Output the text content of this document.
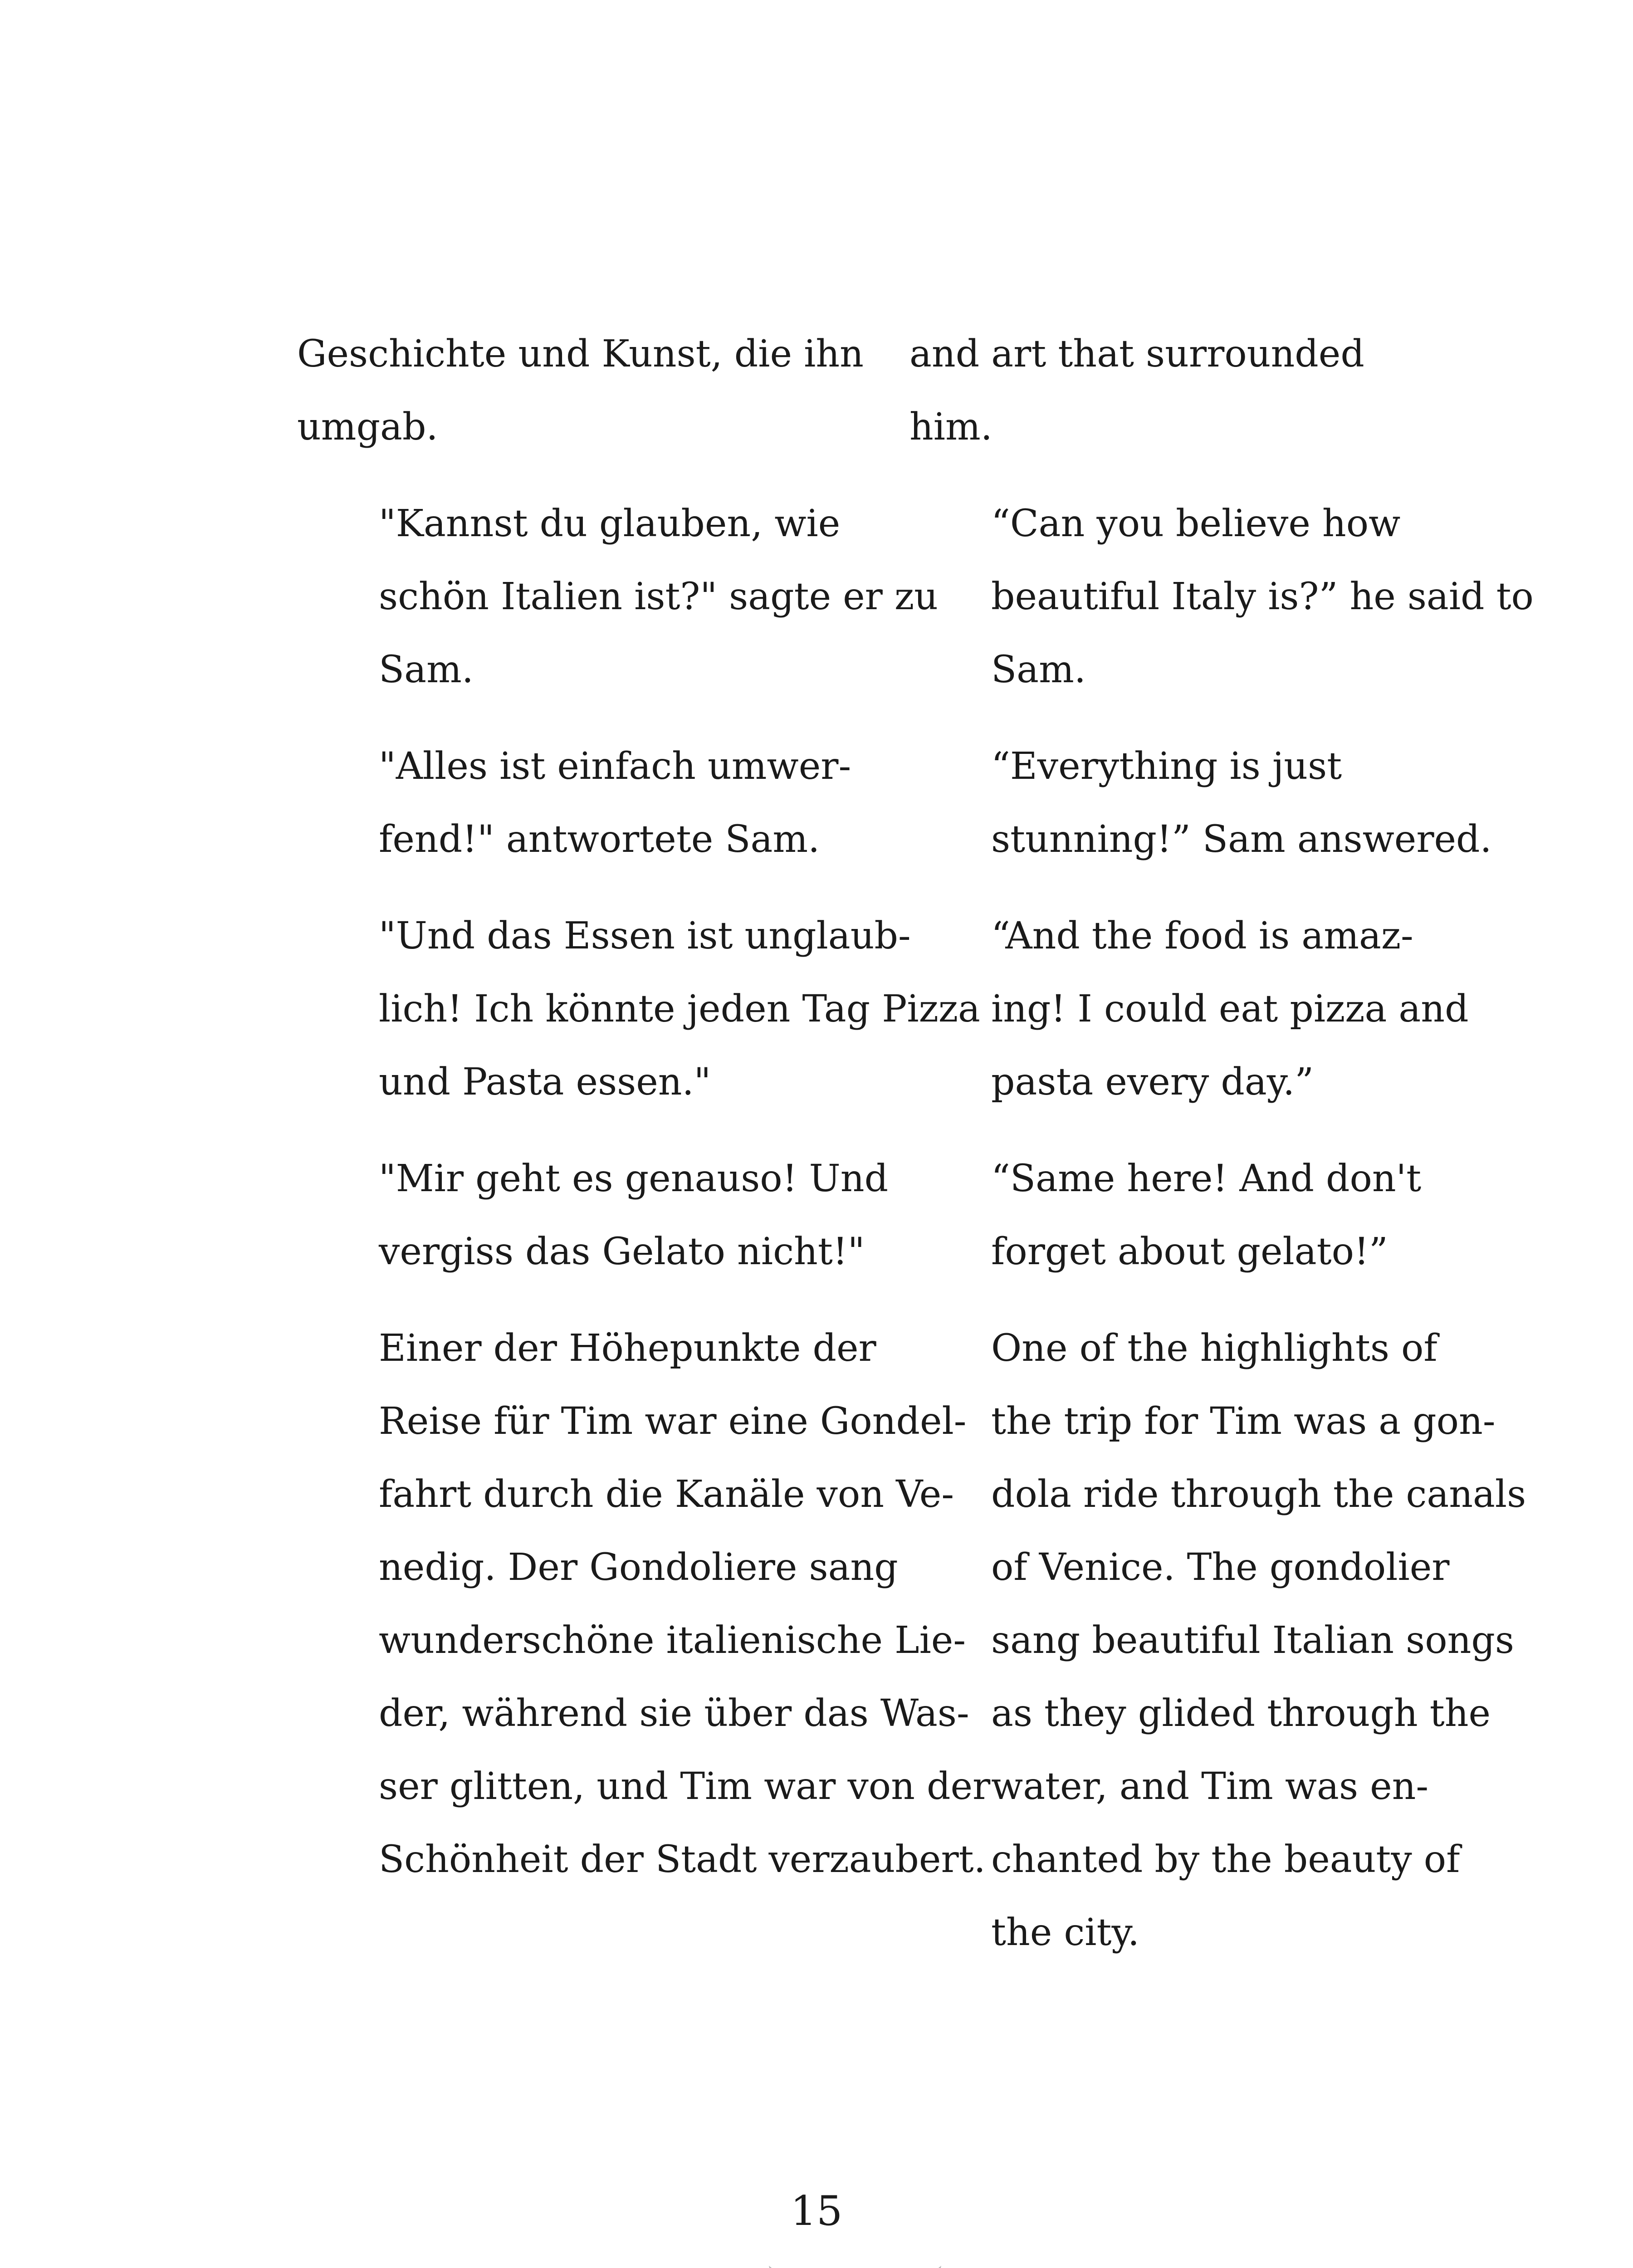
Geschichte und Kunst, die ihn
umgab.

"Kannst du glauben, wie
schön Italien ist?" sagte er zu
Sam.

"Alles ist einfach umwer-
fend!" antwortete Sam.

"Und das Essen ist unglaub-
lich! Ich könnte jeden Tag Pizza
und Pasta essen."

"Mir geht es genauso! Und
vergiss das Gelato nicht!"

Einer der Höhepunkte der
Reise für Tim war eine Gondel-
fahrt durch die Kanäle von Ve-
nedig. Der Gondoliere sang
wunderschöne italienische Lie-
der, während sie über das Was-
ser glitten, und Tim war von der
Schönheit der Stadt verzaubert.

and art that surrounded
him.

“Can you believe how
beautiful Italy is?” he said to
Sam.

“Everything is just
stunning!” Sam answered.

“And the food is amaz-
ing! I could eat pizza and
pasta every day.”

“Same here! And don't
forget about gelato!”

One of the highlights of
the trip for Tim was a gon-
dola ride through the canals
of Venice. The gondolier
sang beautiful Italian songs
as they glided through the
water, and Tim was en-
chanted by the beauty of
the city.

15
